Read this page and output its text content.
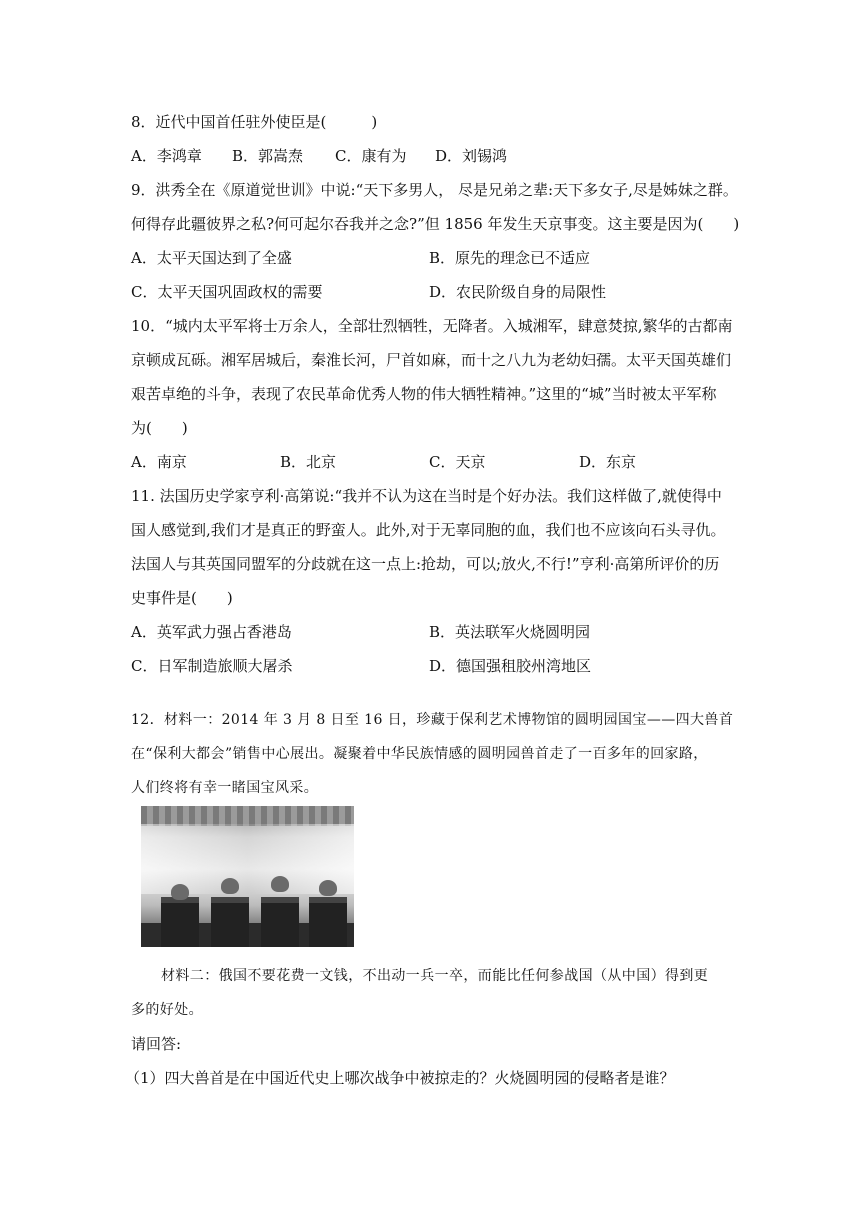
8．近代中国首任驻外使臣是(　　　)
A．李鸿章 B．郭嵩焘 C．康有为 D．刘锡鸿
9．洪秀全在《原道觉世训》中说:“天下多男人， 尽是兄弟之辈:天下多女子,尽是姊妹之群。
何得存此疆彼界之私?何可起尔吞我并之念?”但 1856 年发生天京事变。这主要是因为(　　)
A．太平天国达到了全盛	B．原先的理念已不适应
C．太平天国巩固政权的需要	D．农民阶级自身的局限性
10．“城内太平军将士万余人，全部壮烈牺牲，无降者。入城湘军，肆意焚掠,繁华的古都南
京顿成瓦砾。湘军居城后，秦淮长河，尸首如麻，而十之八九为老幼妇孺。太平天国英雄们
艰苦卓绝的斗争，表现了农民革命优秀人物的伟大牺牲精神。”这里的“城”当时被太平军称
为(　　)
A．南京	B．北京	C．天京	D．东京
11. 法国历史学家亨利·高第说:“我并不认为这在当时是个好办法。我们这样做了,就使得中
国人感觉到,我们才是真正的野蛮人。此外,对于无辜同胞的血，我们也不应该向石头寻仇。
法国人与其英国同盟军的分歧就在这一点上:抢劫，可以;放火,不行!”亨利·高第所评价的历
史事件是(　　)
A．英军武力强占香港岛	B．英法联军火烧圆明园
C．日军制造旅顺大屠杀	D．德国强租胶州湾地区
12．材料一：2014 年 3 月 8 日至 16 日，珍藏于保利艺术博物馆的圆明园国宝——四大兽首
在“保利大都会”销售中心展出。凝聚着中华民族情感的圆明园兽首走了一百多年的回家路，
人们终将有幸一睹国宝风采。
材料二：俄国不要花费一文钱，不出动一兵一卒，而能比任何参战国（从中国）得到更
多的好处。
请回答:
（1）四大兽首是在中国近代史上哪次战争中被掠走的？火烧圆明园的侵略者是谁？
